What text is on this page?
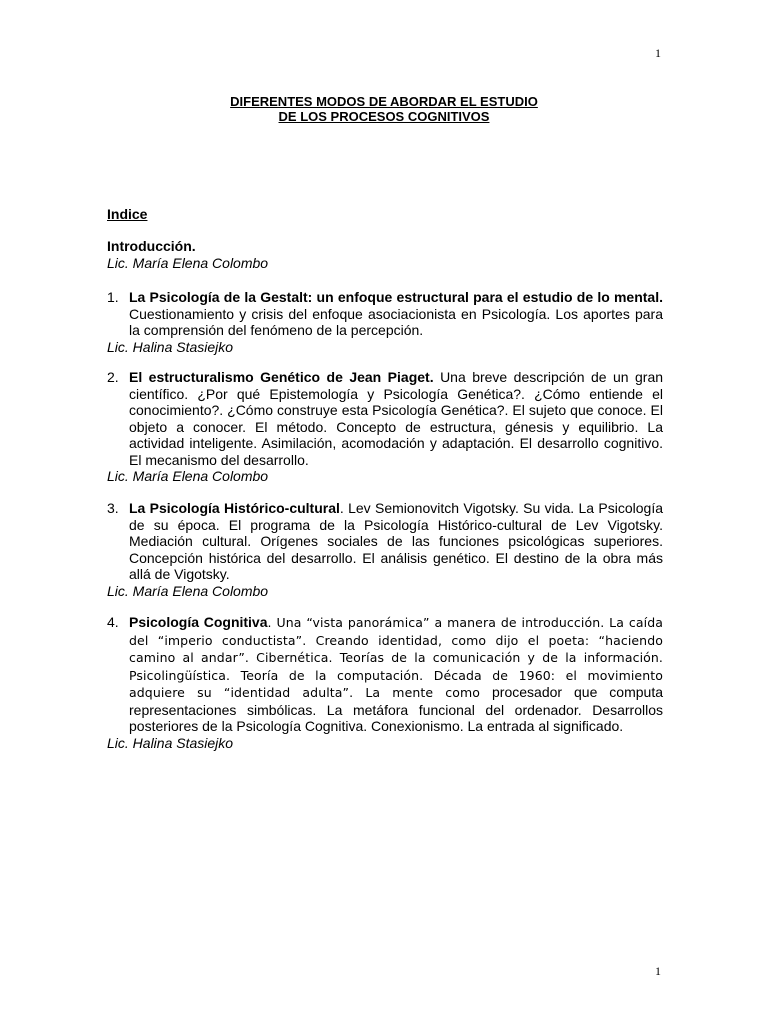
1
DIFERENTES MODOS DE ABORDAR EL ESTUDIO
DE LOS PROCESOS COGNITIVOS
Indice
Introducción.
Lic. María Elena Colombo
1. La Psicología de la Gestalt: un enfoque estructural para el estudio de lo mental. Cuestionamiento y crisis del enfoque asociacionista en Psicología. Los aportes para la comprensión del fenómeno de la percepción.
Lic. Halina Stasiejko
2. El estructuralismo Genético de Jean Piaget. Una breve descripción de un gran científico. ¿Por qué Epistemología y Psicología Genética?. ¿Cómo entiende el conocimiento?. ¿Cómo construye esta Psicología Genética?. El sujeto que conoce. El objeto a conocer. El método. Concepto de estructura, génesis y equilibrio. La actividad inteligente. Asimilación, acomodación y adaptación. El desarrollo cognitivo. El mecanismo del desarrollo.
Lic. María Elena Colombo
3. La Psicología Histórico-cultural. Lev Semionovitch Vigotsky. Su vida. La Psicología de su época. El programa de la Psicología Histórico-cultural de Lev Vigotsky. Mediación cultural. Orígenes sociales de las funciones psicológicas superiores. Concepción histórica del desarrollo. El análisis genético. El destino de la obra más allá de Vigotsky.
Lic. María Elena Colombo
4. Psicología Cognitiva. Una “vista panorámica” a manera de introducción. La caída del “imperio conductista”. Creando identidad, como dijo el poeta: “haciendo camino al andar”. Cibernética. Teorías de la comunicación y de la información. Psicolingüística. Teoría de la computación. Década de 1960: el movimiento adquiere su “identidad adulta”. La mente como procesador que computa representaciones simbólicas. La metáfora funcional del ordenador. Desarrollos posteriores de la Psicología Cognitiva. Conexionismo. La entrada al significado.
Lic. Halina Stasiejko
1
